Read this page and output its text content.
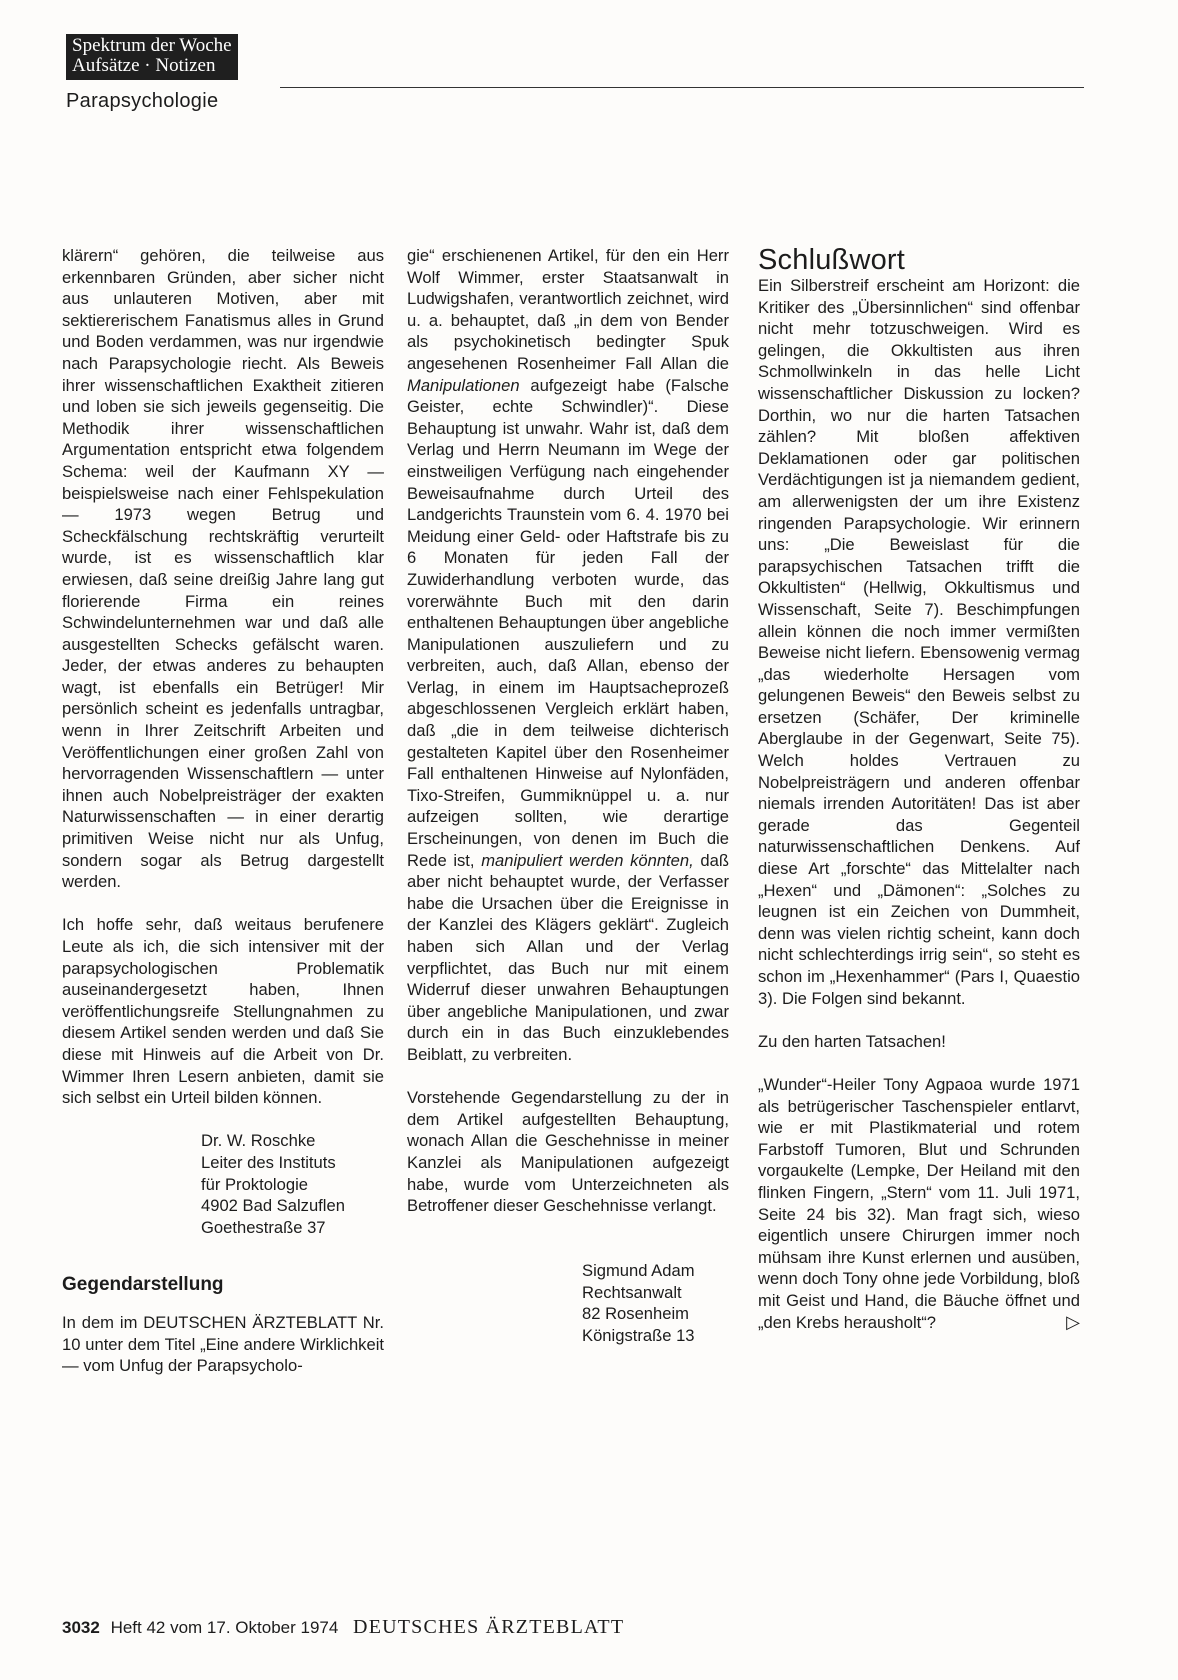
Spektrum der Woche
Aufsätze · Notizen
Parapsychologie

klärern“ gehören, die teilweise aus erkennbaren Gründen, aber sicher nicht aus unlauteren Motiven, aber mit sektiererischem Fanatismus alles in Grund und Boden verdammen, was nur irgendwie nach Parapsychologie riecht. Als Beweis ihrer wissenschaftlichen Exaktheit zitieren und loben sie sich jeweils gegenseitig. Die Methodik ihrer wissenschaftlichen Argumentation entspricht etwa folgendem Schema: weil der Kaufmann XY — beispielsweise nach einer Fehlspekulation — 1973 wegen Betrug und Scheckfälschung rechtskräftig verurteilt wurde, ist es wissenschaftlich klar erwiesen, daß seine dreißig Jahre lang gut florierende Firma ein reines Schwindelunternehmen war und daß alle ausgestellten Schecks gefälscht waren. Jeder, der etwas anderes zu behaupten wagt, ist ebenfalls ein Betrüger! Mir persönlich scheint es jedenfalls untragbar, wenn in Ihrer Zeitschrift Arbeiten und Veröffentlichungen einer großen Zahl von hervorragenden Wissenschaftlern — unter ihnen auch Nobelpreisträger der exakten Naturwissenschaften — in einer derartig primitiven Weise nicht nur als Unfug, sondern sogar als Betrug dargestellt werden.

Ich hoffe sehr, daß weitaus berufenere Leute als ich, die sich intensiver mit der parapsychologischen Problematik auseinandergesetzt haben, Ihnen veröffentlichungsreife Stellungnahmen zu diesem Artikel senden werden und daß Sie diese mit Hinweis auf die Arbeit von Dr. Wimmer Ihren Lesern anbieten, damit sie sich selbst ein Urteil bilden können.

Dr. W. Roschke
Leiter des Instituts
für Proktologie
4902 Bad Salzuflen
Goethestraße 37

Gegendarstellung

In dem im DEUTSCHEN ÄRZTEBLATT Nr. 10 unter dem Titel „Eine andere Wirklichkeit — vom Unfug der Parapsycholo-

gie“ erschienenen Artikel, für den ein Herr Wolf Wimmer, erster Staatsanwalt in Ludwigshafen, verantwortlich zeichnet, wird u. a. behauptet, daß „in dem von Bender als psychokinetisch bedingter Spuk angesehenen Rosenheimer Fall Allan die Manipulationen aufgezeigt habe (Falsche Geister, echte Schwindler)“. Diese Behauptung ist unwahr. Wahr ist, daß dem Verlag und Herrn Neumann im Wege der einstweiligen Verfügung nach eingehender Beweisaufnahme durch Urteil des Landgerichts Traunstein vom 6. 4. 1970 bei Meidung einer Geld- oder Haftstrafe bis zu 6 Monaten für jeden Fall der Zuwiderhandlung verboten wurde, das vorerwähnte Buch mit den darin enthaltenen Behauptungen über angebliche Manipulationen auszuliefern und zu verbreiten, auch, daß Allan, ebenso der Verlag, in einem im Hauptsacheprozeß abgeschlossenen Vergleich erklärt haben, daß „die in dem teilweise dichterisch gestalteten Kapitel über den Rosenheimer Fall enthaltenen Hinweise auf Nylonfäden, Tixo-Streifen, Gummiknüppel u. a. nur aufzeigen sollten, wie derartige Erscheinungen, von denen im Buch die Rede ist, manipuliert werden könnten, daß aber nicht behauptet wurde, der Verfasser habe die Ursachen über die Ereignisse in der Kanzlei des Klägers geklärt“. Zugleich haben sich Allan und der Verlag verpflichtet, das Buch nur mit einem Widerruf dieser unwahren Behauptungen über angebliche Manipulationen, und zwar durch ein in das Buch einzuklebendes Beiblatt, zu verbreiten.

Vorstehende Gegendarstellung zu der in dem Artikel aufgestellten Behauptung, wonach Allan die Geschehnisse in meiner Kanzlei als Manipulationen aufgezeigt habe, wurde vom Unterzeichneten als Betroffener dieser Geschehnisse verlangt.

Sigmund Adam
Rechtsanwalt
82 Rosenheim
Königstraße 13

Schlußwort

Ein Silberstreif erscheint am Horizont: die Kritiker des „Übersinnlichen“ sind offenbar nicht mehr totzuschweigen. Wird es gelingen, die Okkultisten aus ihren Schmollwinkeln in das helle Licht wissenschaftlicher Diskussion zu locken? Dorthin, wo nur die harten Tatsachen zählen? Mit bloßen affektiven Deklamationen oder gar politischen Verdächtigungen ist ja niemandem gedient, am allerwenigsten der um ihre Existenz ringenden Parapsychologie. Wir erinnern uns: „Die Beweislast für die parapsychischen Tatsachen trifft die Okkultisten“ (Hellwig, Okkultismus und Wissenschaft, Seite 7). Beschimpfungen allein können die noch immer vermißten Beweise nicht liefern. Ebensowenig vermag „das wiederholte Hersagen vom gelungenen Beweis“ den Beweis selbst zu ersetzen (Schäfer, Der kriminelle Aberglaube in der Gegenwart, Seite 75). Welch holdes Vertrauen zu Nobelpreisträgern und anderen offenbar niemals irrenden Autoritäten! Das ist aber gerade das Gegenteil naturwissenschaftlichen Denkens. Auf diese Art „forschte“ das Mittelalter nach „Hexen“ und „Dämonen“: „Solches zu leugnen ist ein Zeichen von Dummheit, denn was vielen richtig scheint, kann doch nicht schlechterdings irrig sein“, so steht es schon im „Hexenhammer“ (Pars I, Quaestio 3). Die Folgen sind bekannt.

Zu den harten Tatsachen!

„Wunder“-Heiler Tony Agpaoa wurde 1971 als betrügerischer Taschenspieler entlarvt, wie er mit Plastikmaterial und rotem Farbstoff Tumoren, Blut und Schrunden vorgaukelte (Lempke, Der Heiland mit den flinken Fingern, „Stern“ vom 11. Juli 1971, Seite 24 bis 32). Man fragt sich, wieso eigentlich unsere Chirurgen immer noch mühsam ihre Kunst erlernen und ausüben, wenn doch Tony ohne jede Vorbildung, bloß mit Geist und Hand, die Bäuche öffnet und „den Krebs herausholt“?	▷

3032 Heft 42 vom 17. Oktober 1974 DEUTSCHES ÄRZTEBLATT
